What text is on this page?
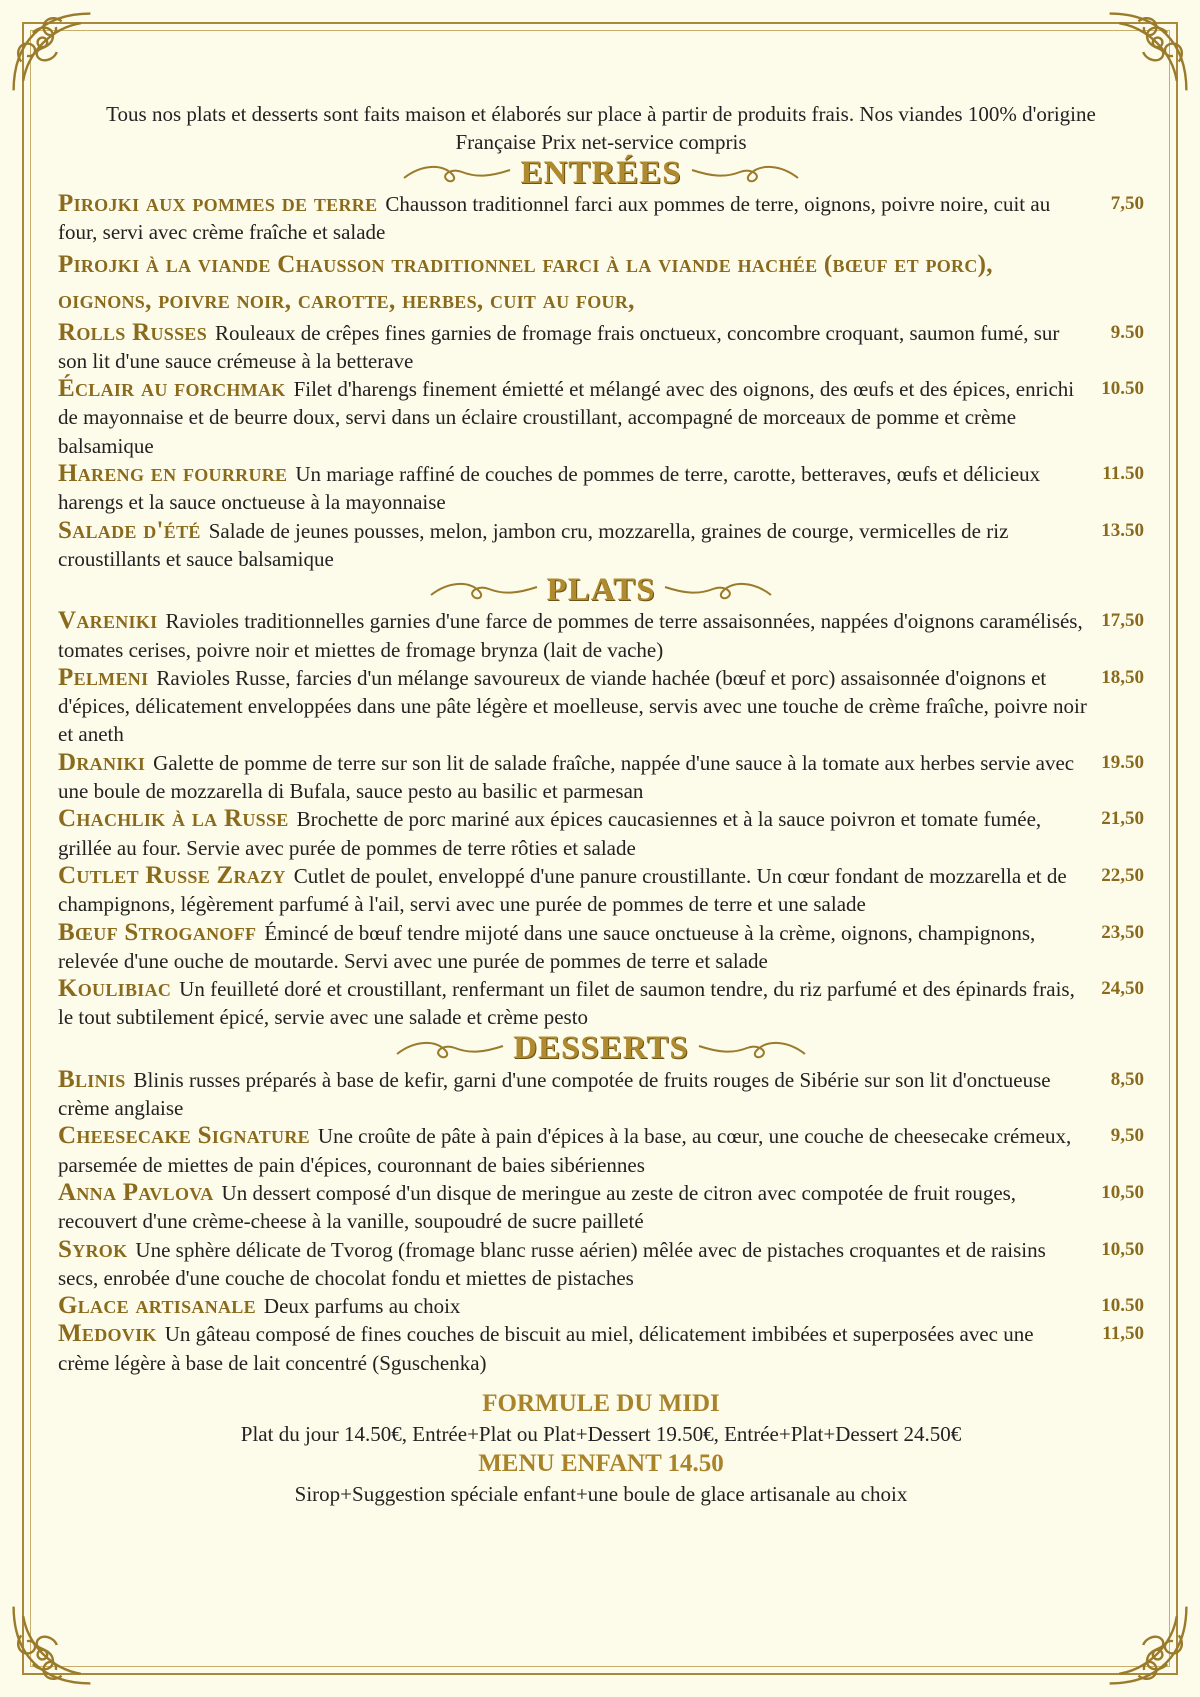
Tous nos plats et desserts sont faits maison et élaborés sur place à partir de produits frais. Nos viandes 100% d'origine Française Prix net-service compris
ENTRÉES
Pirojki aux pommes de terre Chausson traditionnel farci aux pommes de terre, oignons, poivre noire, cuit au four, servi avec crème fraîche et salade
7,50
Pirojki à la viande Chausson traditionnel farci à la viande hachée (bœuf et porc), oignons, poivre noir, carotte, herbes, cuit au four,
Rolls Russes Rouleaux de crêpes fines garnies de fromage frais onctueux, concombre croquant, saumon fumé, sur son lit d'une sauce crémeuse à la betterave
9.50
Éclair au forchmak Filet d'harengs finement émietté et mélangé avec des oignons, des œufs et des épices, enrichi de mayonnaise et de beurre doux, servi dans un éclaire croustillant, accompagné de morceaux de pomme et crème balsamique
10.50
Hareng en fourrure Un mariage raffiné de couches de pommes de terre, carotte, betteraves, œufs et délicieux harengs et la sauce onctueuse à la mayonnaise
11.50
Salade d'été Salade de jeunes pousses, melon, jambon cru, mozzarella, graines de courge, vermicelles de riz croustillants et sauce balsamique
13.50
PLATS
Vareniki Ravioles traditionnelles garnies d'une farce de pommes de terre assaisonnées, nappées d'oignons caramélisés, tomates cerises, poivre noir et miettes de fromage brynza (lait de vache)
17,50
Pelmeni Ravioles Russe, farcies d'un mélange savoureux de viande hachée (bœuf et porc) assaisonnée d'oignons et d'épices, délicatement enveloppées dans une pâte légère et moelleuse, servis avec une touche de crème fraîche, poivre noir et aneth
18,50
Draniki Galette de pomme de terre sur son lit de salade fraîche, nappée d'une sauce à la tomate aux herbes servie avec une boule de mozzarella di Bufala, sauce pesto au basilic et parmesan
19.50
Chachlik à la Russe Brochette de porc mariné aux épices caucasiennes et à la sauce poivron et tomate fumée, grillée au four. Servie avec purée de pommes de terre rôties et salade
21,50
Cutlet Russe Zrazy Cutlet de poulet, enveloppé d'une panure croustillante. Un cœur fondant de mozzarella et de champignons, légèrement parfumé à l'ail, servi avec une purée de pommes de terre et une salade
22,50
Bœuf Stroganoff Émincé de bœuf tendre mijoté dans une sauce onctueuse à la crème, oignons, champignons, relevée d'une ouche de moutarde. Servi avec une purée de pommes de terre et salade
23,50
Koulibiac Un feuilleté doré et croustillant, renfermant un filet de saumon tendre, du riz parfumé et des épinards frais, le tout subtilement épicé, servie avec une salade et crème pesto
24,50
DESSERTS
Blinis Blinis russes préparés à base de kefir, garni d'une compotée de fruits rouges de Sibérie sur son lit d'onctueuse crème anglaise
8,50
Cheesecake Signature Une croûte de pâte à pain d'épices à la base, au cœur, une couche de cheesecake crémeux, parsemée de miettes de pain d'épices, couronnant de baies sibériennes
9,50
Anna Pavlova Un dessert composé d'un disque de meringue au zeste de citron avec compotée de fruit rouges, recouvert d'une crème-cheese à la vanille, soupoudré de sucre pailleté
10,50
Syrok Une sphère délicate de Tvorog (fromage blanc russe aérien) mêlée avec de pistaches croquantes et de raisins secs, enrobée d'une couche de chocolat fondu et miettes de pistaches
10,50
Glace artisanale Deux parfums au choix	10.50
Medovik Un gâteau composé de fines couches de biscuit au miel, délicatement imbibées et superposées avec une crème légère à base de lait concentré (Sguschenka)
11,50
FORMULE DU MIDI
Plat du jour 14.50€, Entrée+Plat ou Plat+Dessert 19.50€, Entrée+Plat+Dessert 24.50€
MENU ENFANT 14.50
Sirop+Suggestion spéciale enfant+une boule de glace artisanale au choix
